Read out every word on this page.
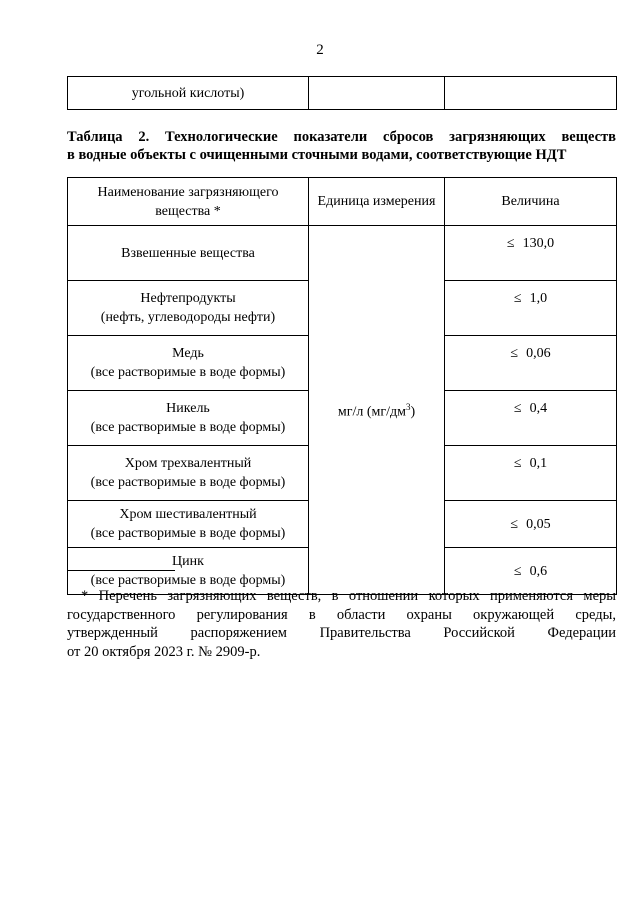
2
угольной кислоты)		
Таблица 2. Технологические показатели сбросов загрязняющих веществ
в водные объекты с очищенными сточными водами, соответствующие НДТ
Наименование загрязняющего
вещества *	Единица измерения	Величина

Взвешенные вещества	мг/л $(мг/дм^3)$	≤ 130,0

Нефтепродукты
(нефть, углеводороды нефти)		≤ 1,0

Медь
(все растворимые в воде формы)		≤ 0,06

Никель
(все растворимые в воде формы)		≤ 0,4

Хром трехвалентный
(все растворимые в воде формы)		≤ 0,1

Хром шестивалентный
(все растворимые в воде формы)		≤ 0,05

Цинк
(все растворимые в воде формы)		≤ 0,6
* Перечень загрязняющих веществ, в отношении которых применяются меры
государственного регулирования в области охраны окружающей среды,
утвержденный распоряжением Правительства Российской Федерации
от 20 октября 2023 г. № 2909-р.
